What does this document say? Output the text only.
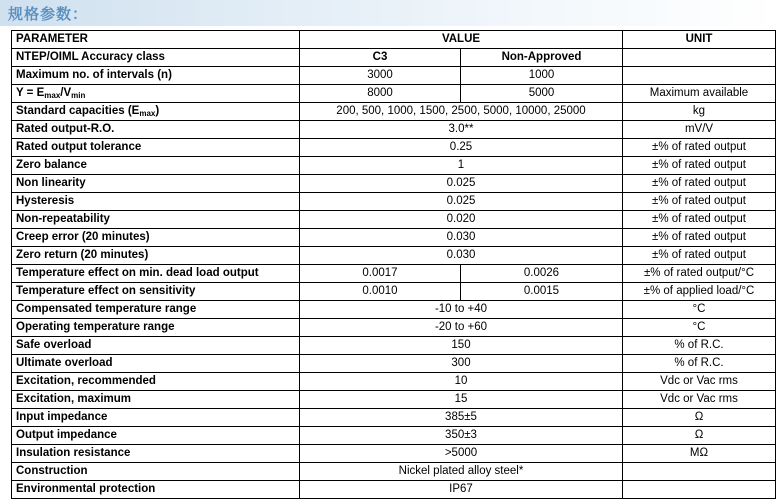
规格参数：
PARAMETER	VALUE		UNIT
NTEP/OIML Accuracy class	C3	Non-Approved	
Maximum no. of intervals (n)	3000	1000	
$Y = E_{max}/V_{min}$	8000	5000	Maximum available
Standard capacities $(E_{max})$	200, 500, 1000, 1500, 2500, 5000, 10000, 25000		kg
Rated output-R.O.	3.0**		mV/V
Rated output tolerance	0.25		±% of rated output
Zero balance	1		±% of rated output
Non linearity	0.025		±% of rated output
Hysteresis	0.025		±% of rated output
Non-repeatability	0.020		±% of rated output
Creep error (20 minutes)	0.030		±% of rated output
Zero return (20 minutes)	0.030		±% of rated output
Temperature effect on min. dead load output	0.0017	0.0026	±% of rated output/°C
Temperature effect on sensitivity	0.0010	0.0015	±% of applied load/°C
Compensated temperature range	-10 to +40		°C
Operating temperature range	-20 to +60		°C
Safe overload	150		% of R.C.
Ultimate overload	300		% of R.C.
Excitation, recommended	10		Vdc or Vac rms
Excitation, maximum	15		Vdc or Vac rms
Input impedance	385±5		Ω
Output impedance	350±3		Ω
Insulation resistance	>5000		MΩ
Construction	Nickel plated alloy steel*		
Environmental protection	IP67		
